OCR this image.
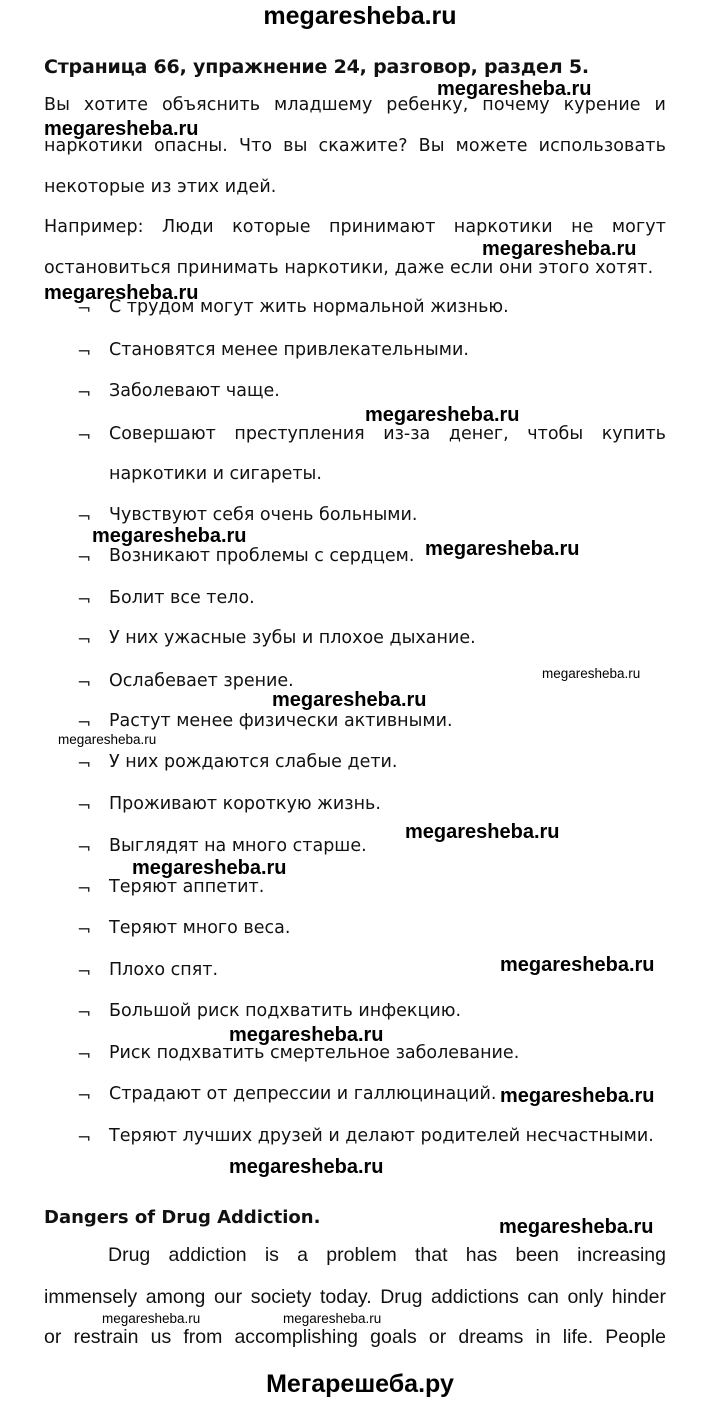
megaresheba.ru
Мегарешеба.ру
Страница 66, упражнение 24, разговор, раздел 5.
Вы хотите объяснить младшему ребенку, почему курение и
наркотики опасны. Что вы скажите? Вы можете использовать
некоторые из этих идей.
Например: Люди которые принимают наркотики не могут
остановиться принимать наркотики, даже если они этого хотят.
¬ С трудом могут жить нормальной жизнью.
¬ Становятся менее привлекательными.
¬ Заболевают чаще.
¬ Совершают преступления из-за денег, чтобы купить
наркотики и сигареты.
¬ Чувствуют себя очень больными.
¬ Возникают проблемы с сердцем.
¬ Болит все тело.
¬ У них ужасные зубы и плохое дыхание.
¬ Ослабевает зрение.
¬ Растут менее физически активными.
¬ У них рождаются слабые дети.
¬ Проживают короткую жизнь.
¬ Выглядят на много старше.
¬ Теряют аппетит.
¬ Теряют много веса.
¬ Плохо спят.
¬ Большой риск подхватить инфекцию.
¬ Риск подхватить смертельное заболевание.
¬ Страдают от депрессии и галлюцинаций.
¬ Теряют лучших друзей и делают родителей несчастными.
Dangers of Drug Addiction.
Drug addiction is a problem that has been increasing
immensely among our society today. Drug addictions can only hinder
or restrain us from accomplishing goals or dreams in life. People
megaresheba.ru
megaresheba.ru
megaresheba.ru
megaresheba.ru
megaresheba.ru
megaresheba.ru
megaresheba.ru
megaresheba.ru
megaresheba.ru
megaresheba.ru
megaresheba.ru
megaresheba.ru
megaresheba.ru
megaresheba.ru
megaresheba.ru
megaresheba.ru
megaresheba.ru
megaresheba.ru	megaresheba.ru
